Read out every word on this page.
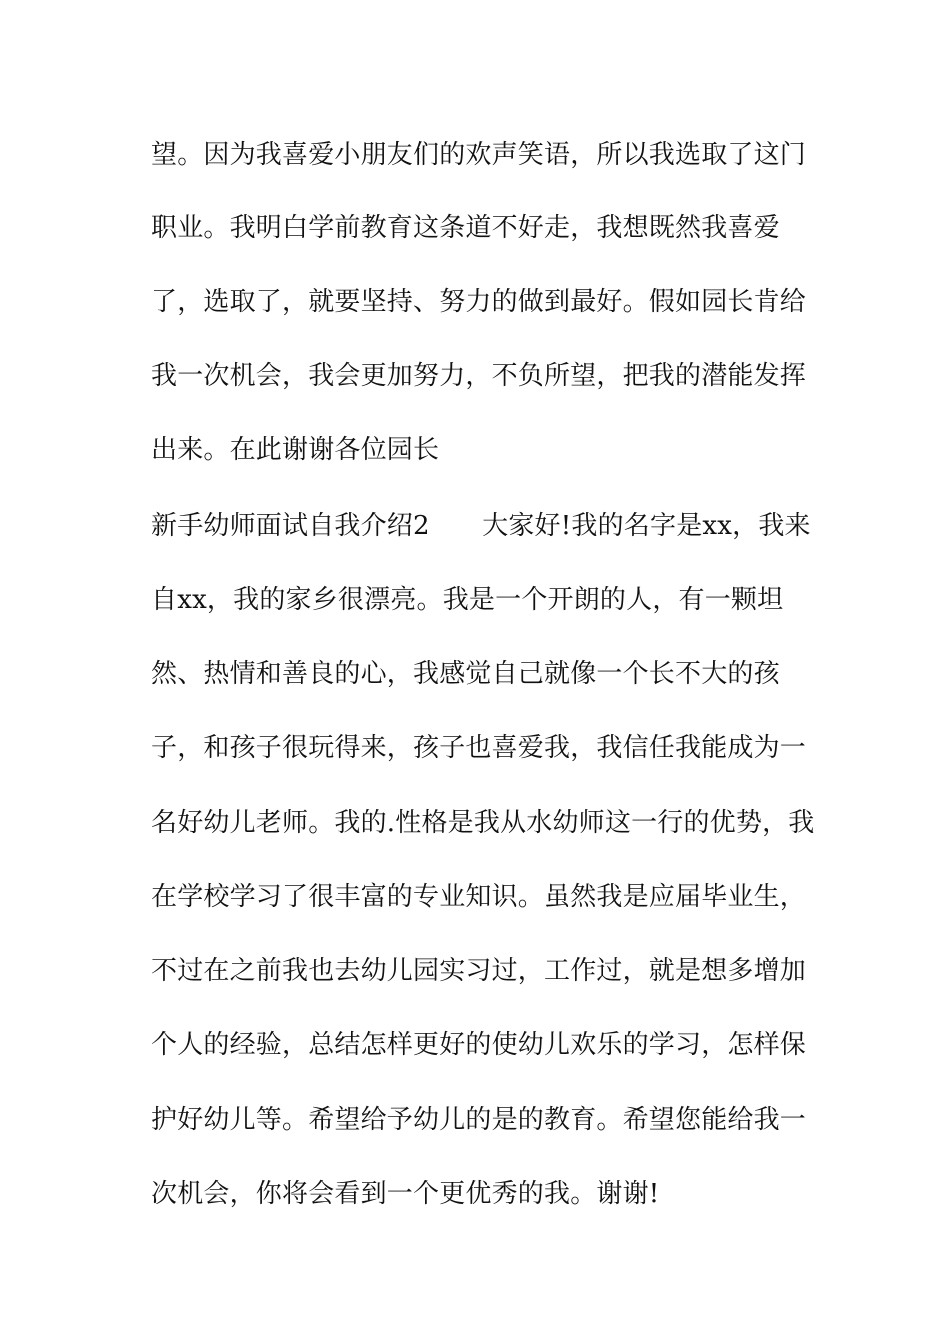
望。因为我喜爱小朋友们的欢声笑语，所以我选取了这门
职业。我明白学前教育这条道不好走，我想既然我喜爱
了，选取了，就要坚持、努力的做到最好。假如园长肯给
我一次机会，我会更加努力，不负所望，把我的潜能发挥
出来。在此谢谢各位园长
新手幼师面试自我介绍2　　大家好!我的名字是xx，我来
自xx，我的家乡很漂亮。我是一个开朗的人，有一颗坦
然、热情和善良的心，我感觉自己就像一个长不大的孩
子，和孩子很玩得来，孩子也喜爱我，我信任我能成为一
名好幼儿老师。我的.性格是我从水幼师这一行的优势，我
在学校学习了很丰富的专业知识。虽然我是应届毕业生，
不过在之前我也去幼儿园实习过，工作过，就是想多增加
个人的经验，总结怎样更好的使幼儿欢乐的学习，怎样保
护好幼儿等。希望给予幼儿的是的教育。希望您能给我一
次机会，你将会看到一个更优秀的我。谢谢!
